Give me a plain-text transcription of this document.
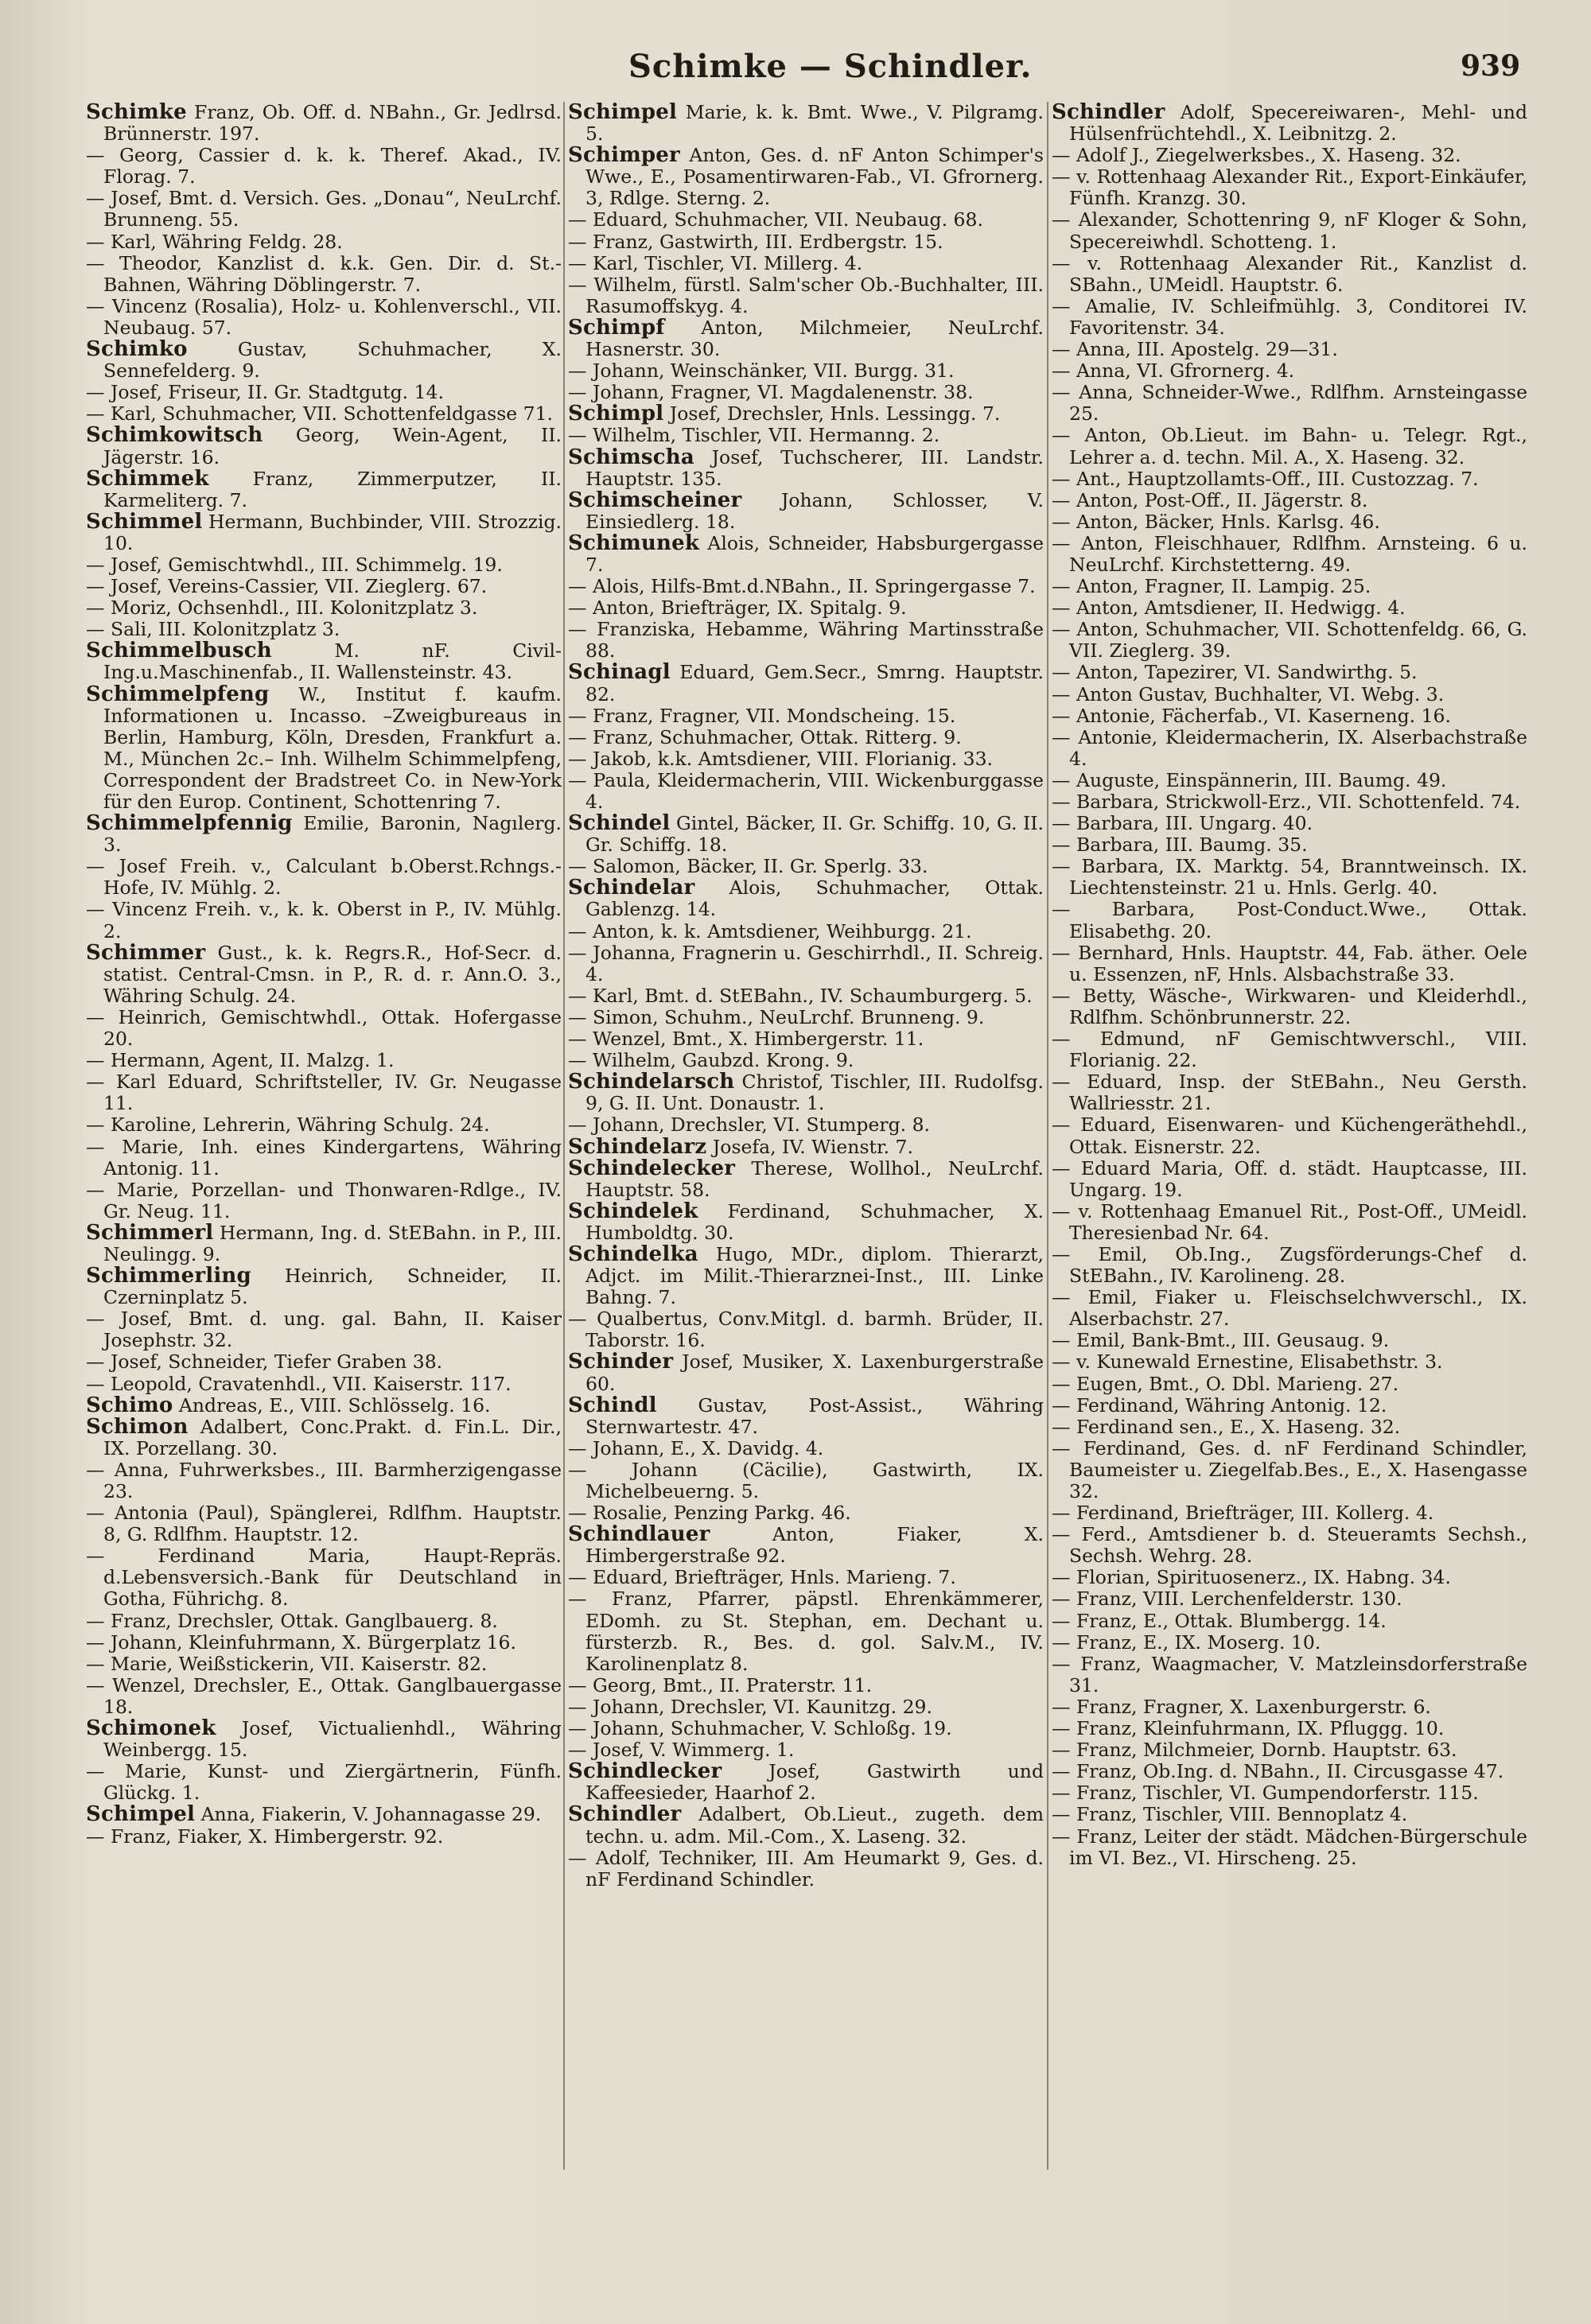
Schimke — Schindler.	939

Schimke Franz, Ob. Off. d. NBahn., Gr. Jedlrsd. Brünnerstr. 197.

— Georg, Cassier d. k. k. Theref. Akad., IV. Florag. 7.

— Josef, Bmt. d. Versich. Ges. „Donau“, NeuLrchf. Brunneng. 55.

— Karl, Währing Feldg. 28.

— Theodor, Kanzlist d. k.k. Gen. Dir. d. St.-Bahnen, Währing Döblingerstr. 7.

— Vincenz (Rosalia), Holz- u. Kohlenverschl., VII. Neubaug. 57.

Schimko Gustav, Schuhmacher, X. Sennefelderg. 9.

— Josef, Friseur, II. Gr. Stadtgutg. 14.

— Karl, Schuhmacher, VII. Schottenfeldgasse 71.

Schimkowitsch Georg, Wein-Agent, II. Jägerstr. 16.

Schimmek Franz, Zimmerputzer, II. Karmeliterg. 7.

Schimmel Hermann, Buchbinder, VIII. Strozzig. 10.

— Josef, Gemischtwhdl., III. Schimmelg. 19.

— Josef, Vereins-Cassier, VII. Zieglerg. 67.

— Moriz, Ochsenhdl., III. Kolonitzplatz 3.

— Sali, III. Kolonitzplatz 3.

Schimmelbusch M. nF. Civil-Ing.u.Maschinenfab., II. Wallensteinstr. 43.

Schimmelpfeng W., Institut f. kaufm. Informationen u. Incasso. –Zweigbureaus in Berlin, Hamburg, Köln, Dresden, Frankfurt a. M., München 2c.– Inh. Wilhelm Schimmelpfeng, Correspondent der Bradstreet Co. in New-York für den Europ. Continent, Schottenring 7.

Schimmelpfennig Emilie, Baronin, Nagılerg. 3.

— Josef Freih. v., Calculant b.Oberst.Rchngs.-Hofe, IV. Mühlg. 2.

— Vincenz Freih. v., k. k. Oberst in P., IV. Mühlg. 2.

Schimmer Gust., k. k. Regrs.R., Hof-Secr. d. statist. Central-Cmsn. in P., R. d. r. Ann.O. 3., Währing Schulg. 24.

— Heinrich, Gemischtwhdl., Ottak. Hofergasse 20.

— Hermann, Agent, II. Malzg. 1.

— Karl Eduard, Schriftsteller, IV. Gr. Neugasse 11.

— Karoline, Lehrerin, Währing Schulg. 24.

— Marie, Inh. eines Kindergartens, Währing Antonig. 11.

— Marie, Porzellan- und Thonwaren-Rdlge., IV. Gr. Neug. 11.

Schimmerl Hermann, Ing. d. StEBahn. in P., III. Neulingg. 9.

Schimmerling Heinrich, Schneider, II. Czerninplatz 5.

— Josef, Bmt. d. ung. gal. Bahn, II. Kaiser Josephstr. 32.

— Josef, Schneider, Tiefer Graben 38.

— Leopold, Cravatenhdl., VII. Kaiserstr. 117.

Schimo Andreas, E., VIII. Schlösselg. 16.

Schimon Adalbert, Conc.Prakt. d. Fin.L. Dir., IX. Porzellang. 30.

— Anna, Fuhrwerksbes., III. Barmherzigengasse 23.

— Antonia (Paul), Spänglerei, Rdlfhm. Hauptstr. 8, G. Rdlfhm. Hauptstr. 12.

— Ferdinand Maria, Haupt-Repräs. d.Lebensversich.-Bank für Deutschland in Gotha, Führichg. 8.

— Franz, Drechsler, Ottak. Ganglbauerg. 8.

— Johann, Kleinfuhrmann, X. Bürgerplatz 16.

— Marie, Weißstickerin, VII. Kaiserstr. 82.

— Wenzel, Drechsler, E., Ottak. Ganglbauergasse 18.

Schimonek Josef, Victualienhdl., Währing Weinbergg. 15.

— Marie, Kunst- und Ziergärtnerin, Fünfh. Glückg. 1.

Schimpel Anna, Fiakerin, V. Johannagasse 29.

— Franz, Fiaker, X. Himbergerstr. 92.

Schimpel Marie, k. k. Bmt. Wwe., V. Pilgramg. 5.

Schimper Anton, Ges. d. nF Anton Schimper's Wwe., E., Posamentirwaren-Fab., VI. Gfrornerg. 3, Rdlge. Sterng. 2.

— Eduard, Schuhmacher, VII. Neubaug. 68.

— Franz, Gastwirth, III. Erdbergstr. 15.

— Karl, Tischler, VI. Millerg. 4.

— Wilhelm, fürstl. Salm'scher Ob.-Buchhalter, III. Rasumoffskyg. 4.

Schimpf Anton, Milchmeier, NeuLrchf. Hasnerstr. 30.

— Johann, Weinschänker, VII. Burgg. 31.

— Johann, Fragner, VI. Magdalenenstr. 38.

Schimpl Josef, Drechsler, Hnls. Lessingg. 7.

— Wilhelm, Tischler, VII. Hermanng. 2.

Schimscha Josef, Tuchscherer, III. Landstr. Hauptstr. 135.

Schimscheiner Johann, Schlosser, V. Einsiedlerg. 18.

Schimunek Alois, Schneider, Habsburgergasse 7.

— Alois, Hilfs-Bmt.d.NBahn., II. Springergasse 7.

— Anton, Briefträger, IX. Spitalg. 9.

— Franziska, Hebamme, Währing Martinsstraße 88.

Schinagl Eduard, Gem.Secr., Smrng. Hauptstr. 82.

— Franz, Fragner, VII. Mondscheing. 15.

— Franz, Schuhmacher, Ottak. Ritterg. 9.

— Jakob, k.k. Amtsdiener, VIII. Florianig. 33.

— Paula, Kleidermacherin, VIII. Wickenburggasse 4.

Schindel Gintel, Bäcker, II. Gr. Schiffg. 10, G. II. Gr. Schiffg. 18.

— Salomon, Bäcker, II. Gr. Sperlg. 33.

Schindelar Alois, Schuhmacher, Ottak. Gablenzg. 14.

— Anton, k. k. Amtsdiener, Weihburgg. 21.

— Johanna, Fragnerin u. Geschirrhdl., II. Schreig. 4.

— Karl, Bmt. d. StEBahn., IV. Schaumburgerg. 5.

— Simon, Schuhm., NeuLrchf. Brunneng. 9.

— Wenzel, Bmt., X. Himbergerstr. 11.

— Wilhelm, Gaubzd. Krong. 9.

Schindelarsch Christof, Tischler, III. Rudolfsg. 9, G. II. Unt. Donaustr. 1.

— Johann, Drechsler, VI. Stumperg. 8.

Schindelarz Josefa, IV. Wienstr. 7.

Schindelecker Therese, Wollhol., NeuLrchf. Hauptstr. 58.

Schindelek Ferdinand, Schuhmacher, X. Humboldtg. 30.

Schindelka Hugo, MDr., diplom. Thierarzt, Adjct. im Milit.-Thierarznei-Inst., III. Linke Bahng. 7.

— Qualbertus, Conv.Mitgl. d. barmh. Brüder, II. Taborstr. 16.

Schinder Josef, Musiker, X. Laxenburgerstraße 60.

Schindl Gustav, Post-Assist., Währing Sternwartestr. 47.

— Johann, E., X. Davidg. 4.

— Johann (Cäcilie), Gastwirth, IX. Michelbeuerng. 5.

— Rosalie, Penzing Parkg. 46.

Schindlauer Anton, Fiaker, X. Himbergerstraße 92.

— Eduard, Briefträger, Hnls. Marieng. 7.

— Franz, Pfarrer, päpstl. Ehrenkämmerer, EDomh. zu St. Stephan, em. Dechant u. fürsterzb. R., Bes. d. gol. Salv.M., IV. Karolinenplatz 8.

— Georg, Bmt., II. Praterstr. 11.

— Johann, Drechsler, VI. Kaunitzg. 29.

— Johann, Schuhmacher, V. Schloßg. 19.

— Josef, V. Wimmerg. 1.

Schindlecker Josef, Gastwirth und Kaffeesieder, Haarhof 2.

Schindler Adalbert, Ob.Lieut., zugeth. dem techn. u. adm. Mil.-Com., X. Laseng. 32.

— Adolf, Techniker, III. Am Heumarkt 9, Ges. d. nF Ferdinand Schindler.

Schindler Adolf, Specereiwaren-, Mehl- und Hülsenfrüchtehdl., X. Leibnitzg. 2.

— Adolf J., Ziegelwerksbes., X. Haseng. 32.

— v. Rottenhaag Alexander Rit., Export-Einkäufer, Fünfh. Kranzg. 30.

— Alexander, Schottenring 9, nF Kloger & Sohn, Specereiwhdl. Schotteng. 1.

— v. Rottenhaag Alexander Rit., Kanzlist d. SBahn., UMeidl. Hauptstr. 6.

— Amalie, IV. Schleifmühlg. 3, Conditorei IV. Favoritenstr. 34.

— Anna, III. Apostelg. 29—31.

— Anna, VI. Gfrornerg. 4.

— Anna, Schneider-Wwe., Rdlfhm. Arnsteingasse 25.

— Anton, Ob.Lieut. im Bahn- u. Telegr. Rgt., Lehrer a. d. techn. Mil. A., X. Haseng. 32.

— Ant., Hauptzollamts-Off., III. Custozzag. 7.

— Anton, Post-Off., II. Jägerstr. 8.

— Anton, Bäcker, Hnls. Karlsg. 46.

— Anton, Fleischhauer, Rdlfhm. Arnsteing. 6 u. NeuLrchf. Kirchstetterng. 49.

— Anton, Fragner, II. Lampig. 25.

— Anton, Amtsdiener, II. Hedwigg. 4.

— Anton, Schuhmacher, VII. Schottenfeldg. 66, G. VII. Zieglerg. 39.

— Anton, Tapezirer, VI. Sandwirthg. 5.

— Anton Gustav, Buchhalter, VI. Webg. 3.

— Antonie, Fächerfab., VI. Kaserneng. 16.

— Antonie, Kleidermacherin, IX. Alserbachstraße 4.

— Auguste, Einspännerin, III. Baumg. 49.

— Barbara, Strickwoll-Erz., VII. Schottenfeld. 74.

— Barbara, III. Ungarg. 40.

— Barbara, III. Baumg. 35.

— Barbara, IX. Marktg. 54, Branntweinsch. IX. Liechtensteinstr. 21 u. Hnls. Gerlg. 40.

— Barbara, Post-Conduct.Wwe., Ottak. Elisabethg. 20.

— Bernhard, Hnls. Hauptstr. 44, Fab. äther. Oele u. Essenzen, nF, Hnls. Alsbachstraße 33.

— Betty, Wäsche-, Wirkwaren- und Kleiderhdl., Rdlfhm. Schönbrunnerstr. 22.

— Edmund, nF Gemischtwverschl., VIII. Florianig. 22.

— Eduard, Insp. der StEBahn., Neu Gersth. Wallriesstr. 21.

— Eduard, Eisenwaren- und Küchengeräthehdl., Ottak. Eisnerstr. 22.

— Eduard Maria, Off. d. städt. Hauptcasse, III. Ungarg. 19.

— v. Rottenhaag Emanuel Rit., Post-Off., UMeidl. Theresienbad Nr. 64.

— Emil, Ob.Ing., Zugsförderungs-Chef d. StEBahn., IV. Karolineng. 28.

— Emil, Fiaker u. Fleischselchwverschl., IX. Alserbachstr. 27.

— Emil, Bank-Bmt., III. Geusaug. 9.

— v. Kunewald Ernestine, Elisabethstr. 3.

— Eugen, Bmt., O. Dbl. Marieng. 27.

— Ferdinand, Währing Antonig. 12.

— Ferdinand sen., E., X. Haseng. 32.

— Ferdinand, Ges. d. nF Ferdinand Schindler, Baumeister u. Ziegelfab.Bes., E., X. Hasengasse 32.

— Ferdinand, Briefträger, III. Kollerg. 4.

— Ferd., Amtsdiener b. d. Steueramts Sechsh., Sechsh. Wehrg. 28.

— Florian, Spirituosenerz., IX. Habng. 34.

— Franz, VIII. Lerchenfelderstr. 130.

— Franz, E., Ottak. Blumbergg. 14.

— Franz, E., IX. Moserg. 10.

— Franz, Waagmacher, V. Matzleinsdorferstraße 31.

— Franz, Fragner, X. Laxenburgerstr. 6.

— Franz, Kleinfuhrmann, IX. Pfluggg. 10.

— Franz, Milchmeier, Dornb. Hauptstr. 63.

— Franz, Ob.Ing. d. NBahn., II. Circusgasse 47.

— Franz, Tischler, VI. Gumpendorferstr. 115.

— Franz, Tischler, VIII. Bennoplatz 4.

— Franz, Leiter der städt. Mädchen-Bürgerschule im VI. Bez., VI. Hirscheng. 25.
